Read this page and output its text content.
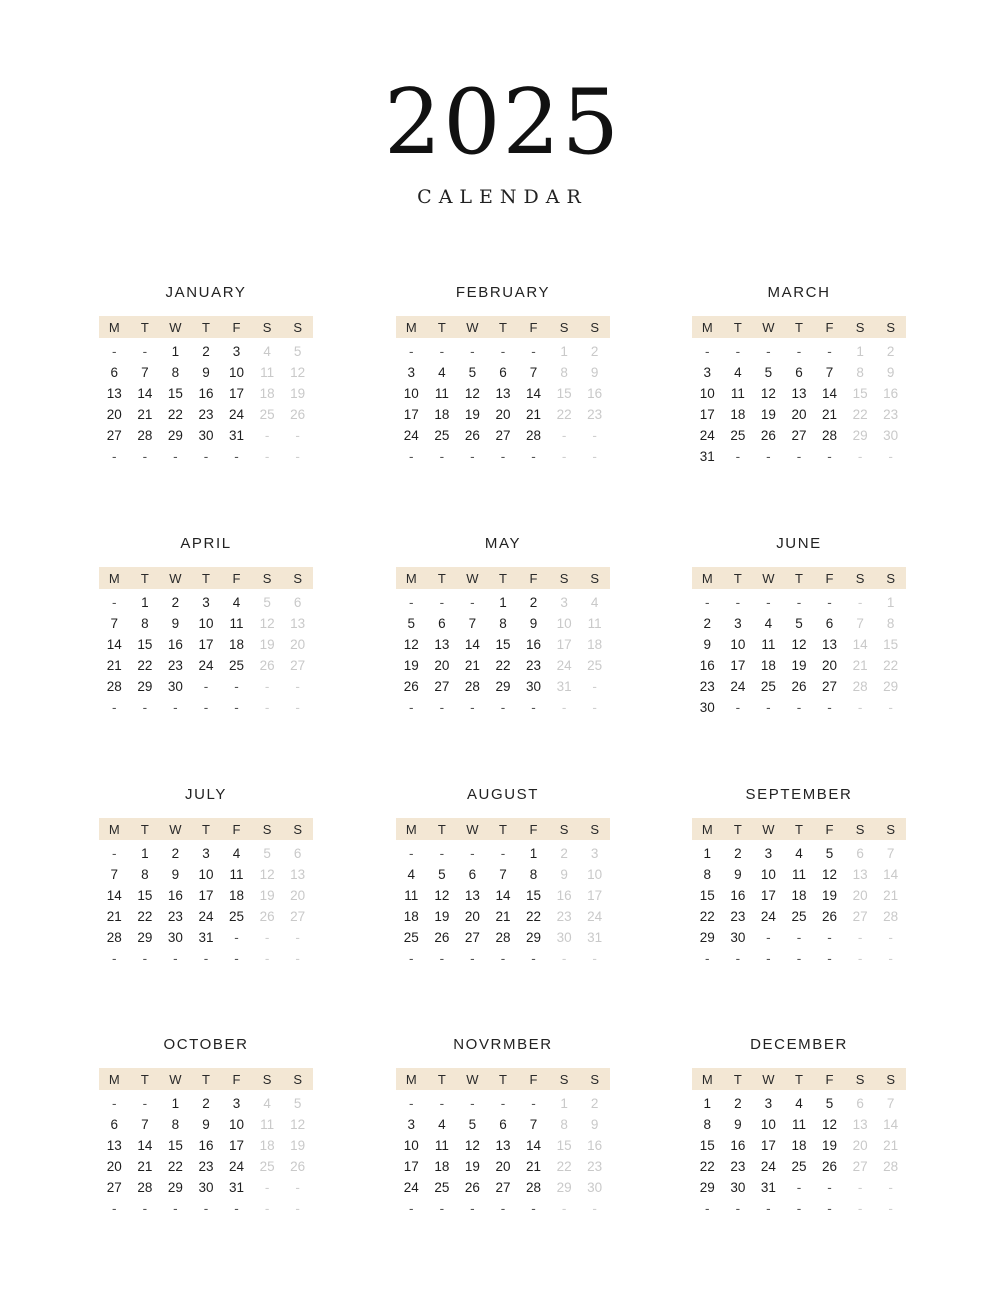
2025
CALENDAR
JANUARY
M	T	W	T	F	S	S
-	-	1	2	3	4	5
6	7	8	9	10	11	12
13	14	15	16	17	18	19
20	21	22	23	24	25	26
27	28	29	30	31	-	-
-	-	-	-	-	-	-
FEBRUARY
M	T	W	T	F	S	S
-	-	-	-	-	1	2
3	4	5	6	7	8	9
10	11	12	13	14	15	16
17	18	19	20	21	22	23
24	25	26	27	28	-	-
-	-	-	-	-	-	-
MARCH
M	T	W	T	F	S	S
-	-	-	-	-	1	2
3	4	5	6	7	8	9
10	11	12	13	14	15	16
17	18	19	20	21	22	23
24	25	26	27	28	29	30
31	-	-	-	-	-	-
APRIL
M	T	W	T	F	S	S
-	1	2	3	4	5	6
7	8	9	10	11	12	13
14	15	16	17	18	19	20
21	22	23	24	25	26	27
28	29	30	-	-	-	-
-	-	-	-	-	-	-
MAY
M	T	W	T	F	S	S
-	-	-	1	2	3	4
5	6	7	8	9	10	11
12	13	14	15	16	17	18
19	20	21	22	23	24	25
26	27	28	29	30	31	-
-	-	-	-	-	-	-
JUNE
M	T	W	T	F	S	S
-	-	-	-	-	-	1
2	3	4	5	6	7	8
9	10	11	12	13	14	15
16	17	18	19	20	21	22
23	24	25	26	27	28	29
30	-	-	-	-	-	-
JULY
M	T	W	T	F	S	S
-	1	2	3	4	5	6
7	8	9	10	11	12	13
14	15	16	17	18	19	20
21	22	23	24	25	26	27
28	29	30	31	-	-	-
-	-	-	-	-	-	-
AUGUST
M	T	W	T	F	S	S
-	-	-	-	1	2	3
4	5	6	7	8	9	10
11	12	13	14	15	16	17
18	19	20	21	22	23	24
25	26	27	28	29	30	31
-	-	-	-	-	-	-
SEPTEMBER
M	T	W	T	F	S	S
1	2	3	4	5	6	7
8	9	10	11	12	13	14
15	16	17	18	19	20	21
22	23	24	25	26	27	28
29	30	-	-	-	-	-
-	-	-	-	-	-	-
OCTOBER
M	T	W	T	F	S	S
-	-	1	2	3	4	5
6	7	8	9	10	11	12
13	14	15	16	17	18	19
20	21	22	23	24	25	26
27	28	29	30	31	-	-
-	-	-	-	-	-	-
NOVRMBER
M	T	W	T	F	S	S
-	-	-	-	-	1	2
3	4	5	6	7	8	9
10	11	12	13	14	15	16
17	18	19	20	21	22	23
24	25	26	27	28	29	30
-	-	-	-	-	-	-
DECEMBER
M	T	W	T	F	S	S
1	2	3	4	5	6	7
8	9	10	11	12	13	14
15	16	17	18	19	20	21
22	23	24	25	26	27	28
29	30	31	-	-	-	-
-	-	-	-	-	-	-
